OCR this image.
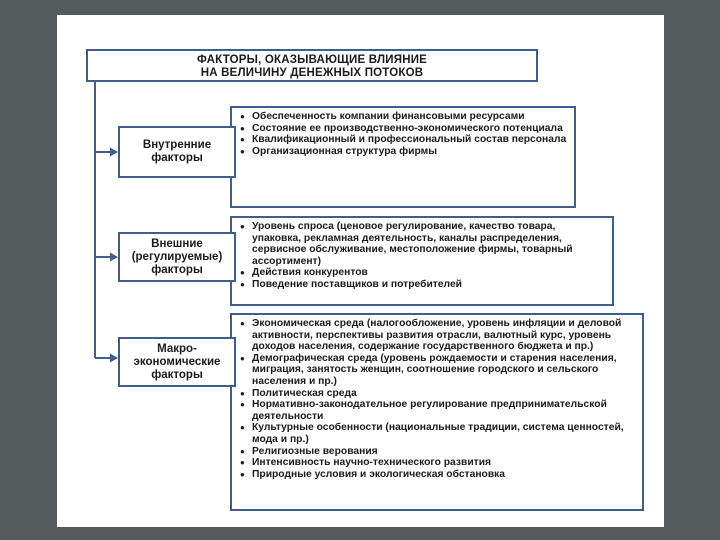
ФАКТОРЫ, ОКАЗЫВАЮЩИЕ ВЛИЯНИЕ
НА ВЕЛИЧИНУ ДЕНЕЖНЫХ ПОТОКОВ
● Обеспеченность компании финансовыми ресурсами
● Состояние ее производственно-экономического потенциала
● Квалификационный и профессиональный состав персонала
● Организационная структура фирмы
Внутренние
факторы
● Уровень спроса (ценовое регулирование, качество товара, упаковка, рекламная деятельность, каналы распределения, сервисное обслуживание, местоположение фирмы, товарный ассортимент)
● Действия конкурентов
● Поведение поставщиков и потребителей
Внешние
(регулируемые)
факторы
● Экономическая среда (налогообложение, уровень инфляции и деловой активности, перспективы развития отрасли, валютный курс, уровень доходов населения, содержание государственного бюджета и пр.)
● Демографическая среда (уровень рождаемости и старения населения, миграция, занятость женщин, соотношение городского и сельского населения и пр.)
● Политическая среда
● Нормативно-законодательное регулирование предпринимательской деятельности
● Культурные особенности (национальные традиции, система ценностей, мода и пр.)
● Религиозные верования
● Интенсивность научно-технического развития
● Природные условия и экологическая обстановка
Макро-
экономические
факторы
